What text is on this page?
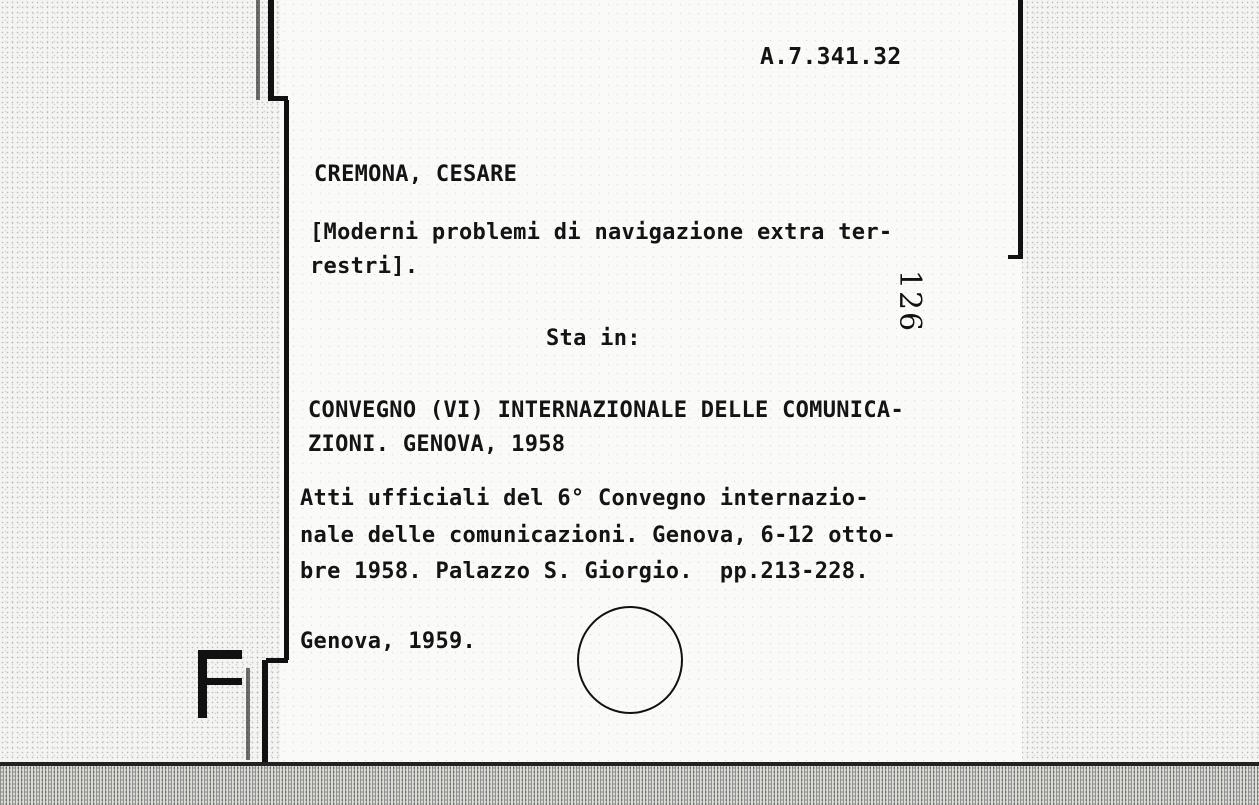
A.7.341.32
CREMONA, CESARE
[Moderni problemi di navigazione extra ter-
restri].
Sta in:
126
CONVEGNO (VI) INTERNAZIONALE DELLE COMUNICA-
ZIONI. GENOVA, 1958
Atti ufficiali del 6° Convegno internazio-
nale delle comunicazioni. Genova, 6-12 otto-
bre 1958. Palazzo S. Giorgio.  pp.213-228.
Genova, 1959.
